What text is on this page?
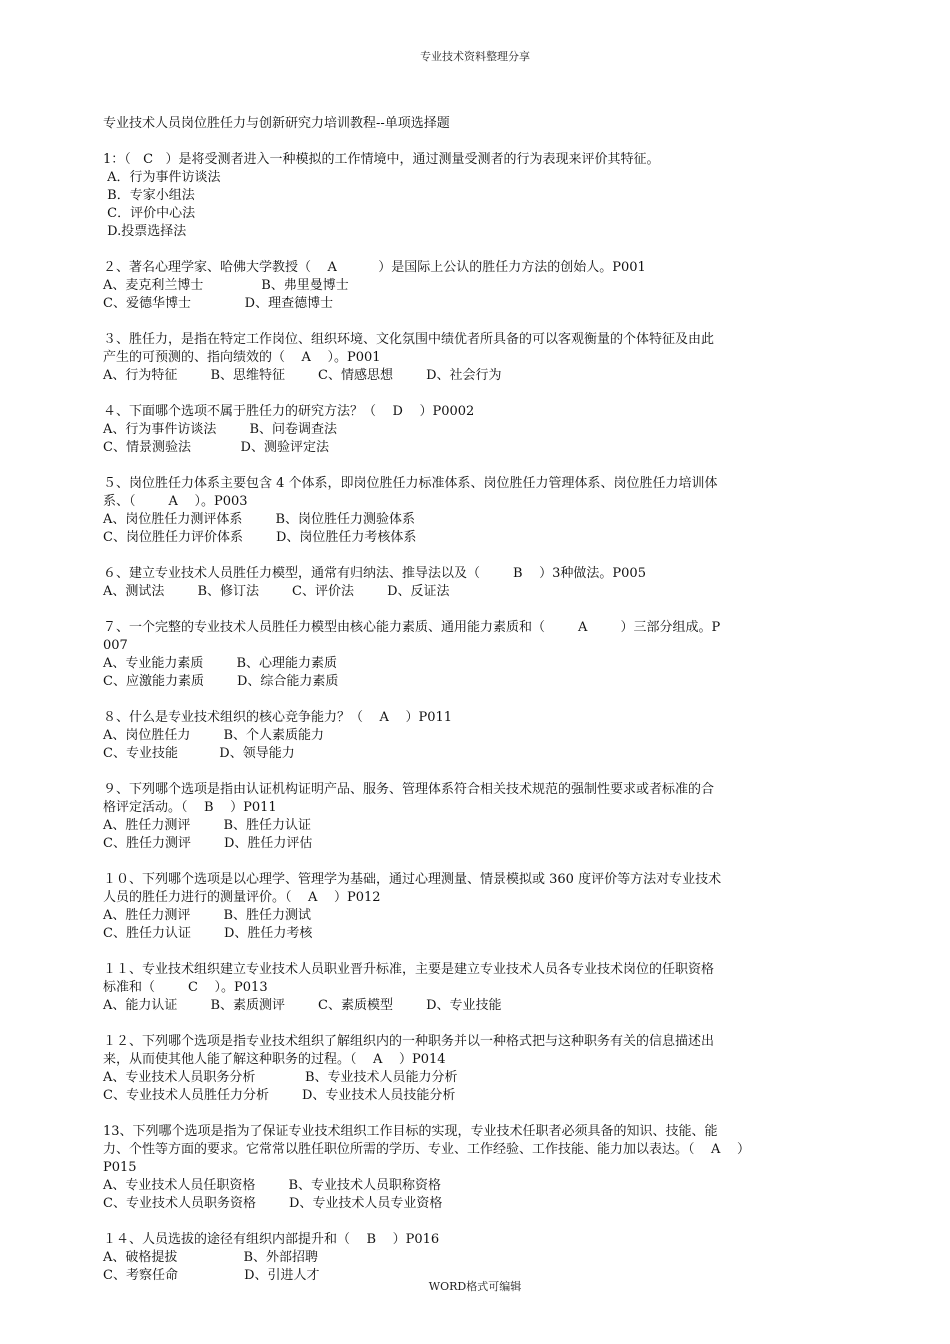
专业技术资料整理分享

专业技术人员岗位胜任力与创新研究力培训教程--单项选择题

1：（   C   ）是将受测者进入一种模拟的工作情境中，通过测量受测者的行为表现来评价其特征。
A．行为事件访谈法
B．专家小组法
C．评价中心法
D.投票选择法
２、著名心理学家、哈佛大学教授（    A          ）是国际上公认的胜任力方法的创始人。P001
A、麦克利兰博士              B、弗里曼博士
C、爱德华博士             D、理查德博士
３、胜任力，是指在特定工作岗位、组织环境、文化氛围中绩优者所具备的可以客观衡量的个体特征及由此
产生的可预测的、指向绩效的（    A    ）。P001
A、行为特征        B、思维特征        C、情感思想        D、社会行为
４、下面哪个选项不属于胜任力的研究方法？（    D    ）P0002
A、行为事件访谈法        B、问卷调查法
C、情景测验法            D、测验评定法
５、岗位胜任力体系主要包含 4 个体系，即岗位胜任力标准体系、岗位胜任力管理体系、岗位胜任力培训体
系、（        A    ）。P003
A、岗位胜任力测评体系        B、岗位胜任力测验体系
C、岗位胜任力评价体系        D、岗位胜任力考核体系
６、建立专业技术人员胜任力模型，通常有归纳法、推导法以及（        B    ）3种做法。P005
A、测试法        B、修订法        C、评价法        D、反证法
７、一个完整的专业技术人员胜任力模型由核心能力素质、通用能力素质和（        A        ）三部分组成。P
007
A、专业能力素质        B、心理能力素质
C、应激能力素质        D、综合能力素质
８、什么是专业技术组织的核心竞争能力？（    A    ）P011
A、岗位胜任力        B、个人素质能力
C、专业技能          D、领导能力
９、下列哪个选项是指由认证机构证明产品、服务、管理体系符合相关技术规范的强制性要求或者标准的合
格评定活动。（    B    ）P011
A、胜任力测评        B、胜任力认证
C、胜任力测评        D、胜任力评估
１０、下列哪个选项是以心理学、管理学为基础，通过心理测量、情景模拟或 360 度评价等方法对专业技术
人员的胜任力进行的测量评价。（    A    ）P012
A、胜任力测评        B、胜任力测试
C、胜任力认证        D、胜任力考核
１１、专业技术组织建立专业技术人员职业晋升标准，主要是建立专业技术人员各专业技术岗位的任职资格
标准和（        C    ）。P013
A、能力认证        B、素质测评        C、素质模型        D、专业技能
１２、下列哪个选项是指专业技术组织了解组织内的一种职务并以一种格式把与这种职务有关的信息描述出
来，从而使其他人能了解这种职务的过程。（    A    ）P014
A、专业技术人员职务分析            B、专业技术人员能力分析
C、专业技术人员胜任力分析        D、专业技术人员技能分析
13、下列哪个选项是指为了保证专业技术组织工作目标的实现，专业技术任职者必须具备的知识、技能、能
力、个性等方面的要求。它常常以胜任职位所需的学历、专业、工作经验、工作技能、能力加以表达。（    A    ）
P015
A、专业技术人员任职资格        B、专业技术人员职称资格
C、专业技术人员职务资格        D、专业技术人员专业资格
１４、人员选拔的途径有组织内部提升和（    B    ）P016
A、破格提拔                B、外部招聘
C、考察任命                D、引进人才
WORD格式可编辑
